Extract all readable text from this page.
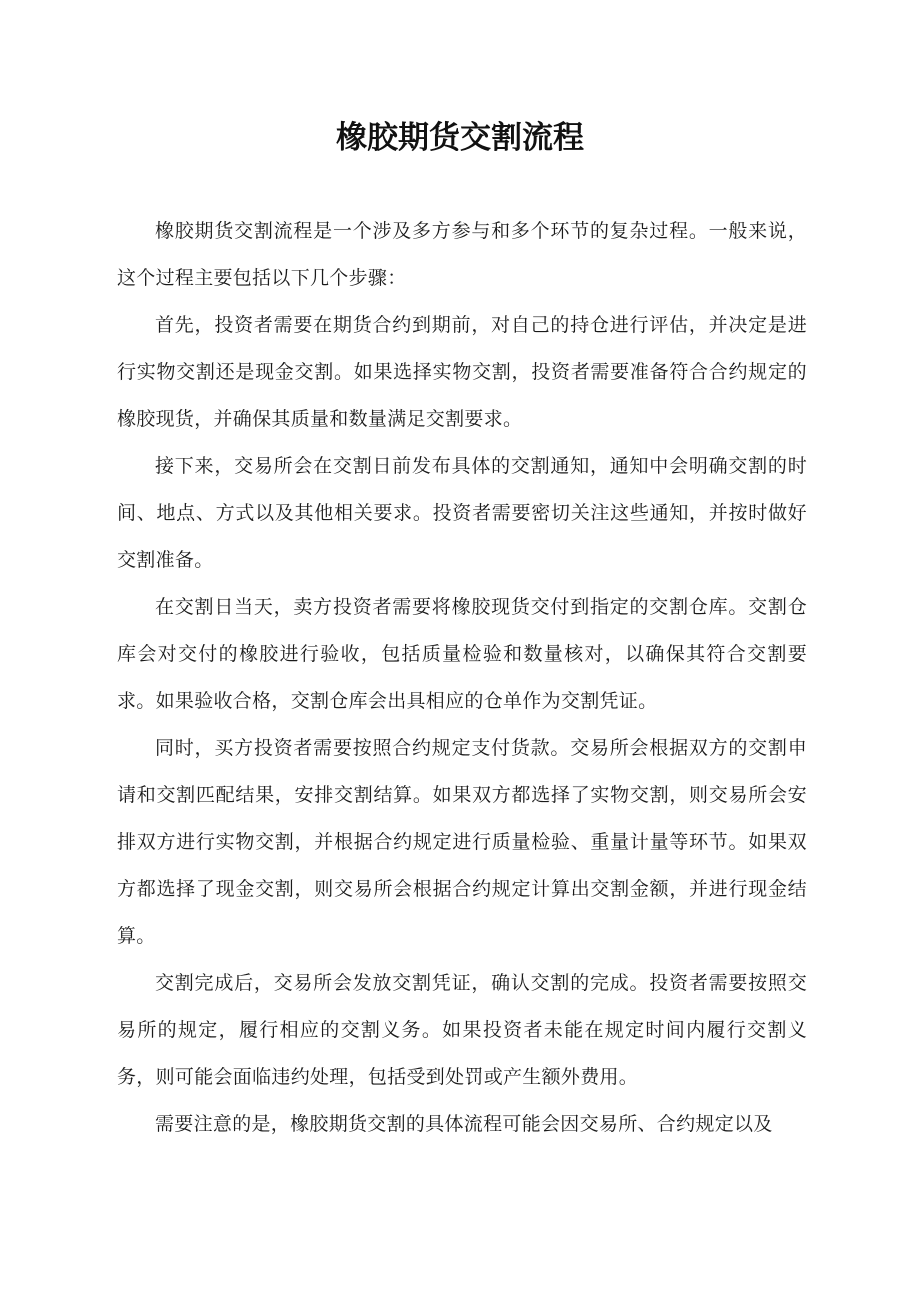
橡胶期货交割流程

橡胶期货交割流程是一个涉及多方参与和多个环节的复杂过程。一般来说，这个过程主要包括以下几个步骤：

首先，投资者需要在期货合约到期前，对自己的持仓进行评估，并决定是进行实物交割还是现金交割。如果选择实物交割，投资者需要准备符合合约规定的橡胶现货，并确保其质量和数量满足交割要求。

接下来，交易所会在交割日前发布具体的交割通知，通知中会明确交割的时间、地点、方式以及其他相关要求。投资者需要密切关注这些通知，并按时做好交割准备。

在交割日当天，卖方投资者需要将橡胶现货交付到指定的交割仓库。交割仓库会对交付的橡胶进行验收，包括质量检验和数量核对，以确保其符合交割要求。如果验收合格，交割仓库会出具相应的仓单作为交割凭证。

同时，买方投资者需要按照合约规定支付货款。交易所会根据双方的交割申请和交割匹配结果，安排交割结算。如果双方都选择了实物交割，则交易所会安排双方进行实物交割，并根据合约规定进行质量检验、重量计量等环节。如果双方都选择了现金交割，则交易所会根据合约规定计算出交割金额，并进行现金结算。

交割完成后，交易所会发放交割凭证，确认交割的完成。投资者需要按照交易所的规定，履行相应的交割义务。如果投资者未能在规定时间内履行交割义务，则可能会面临违约处理，包括受到处罚或产生额外费用。

需要注意的是，橡胶期货交割的具体流程可能会因交易所、合约规定以及
